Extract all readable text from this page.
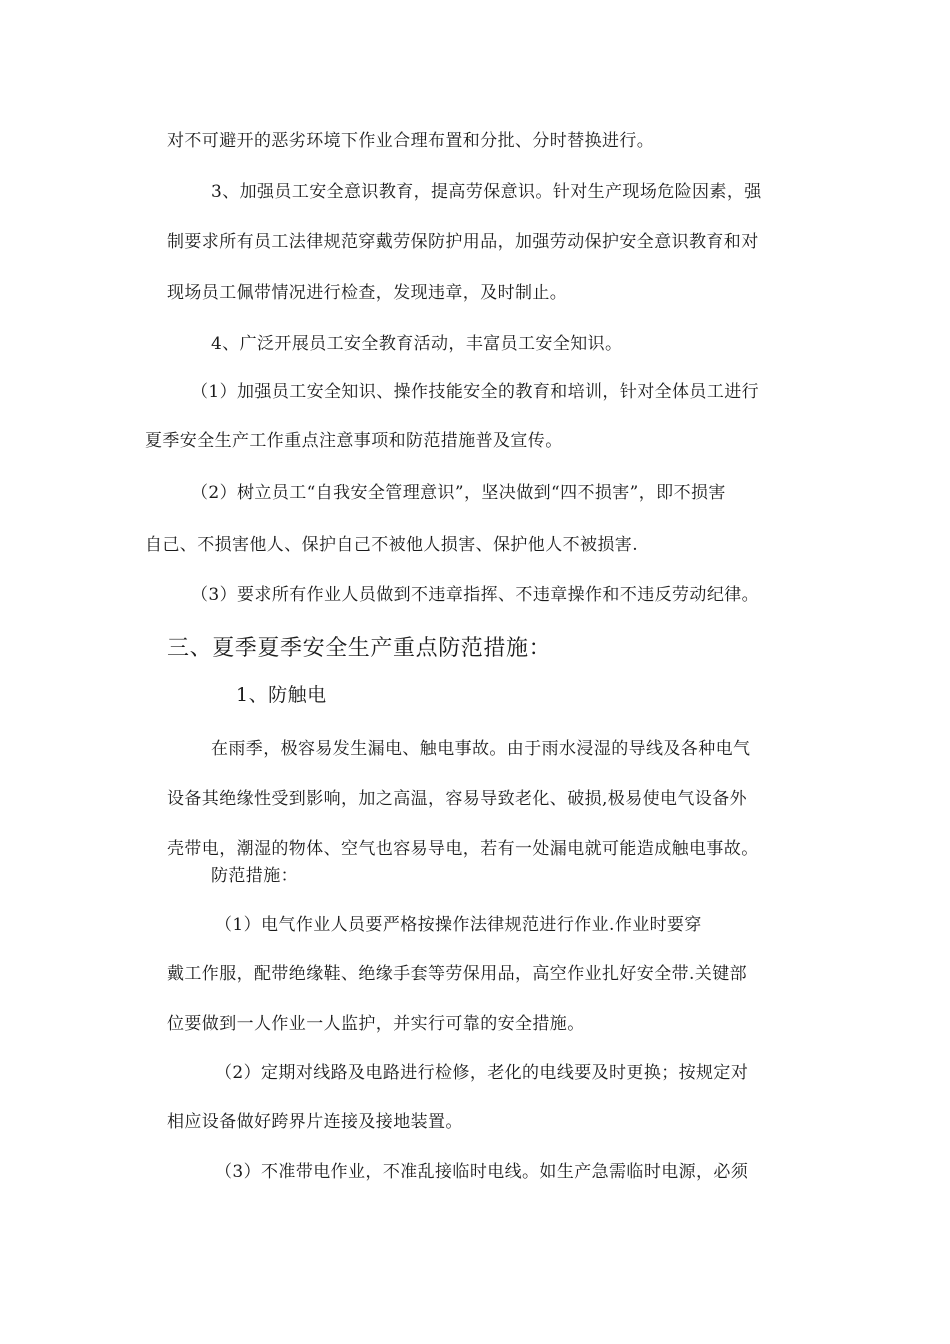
对不可避开的恶劣环境下作业合理布置和分批、分时替换进行。

3、加强员工安全意识教育，提高劳保意识。针对生产现场危险因素，强

制要求所有员工法律规范穿戴劳保防护用品，加强劳动保护安全意识教育和对

现场员工佩带情况进行检查，发现违章，及时制止。

4、广泛开展员工安全教育活动，丰富员工安全知识。

（1）加强员工安全知识、操作技能安全的教育和培训，针对全体员工进行

夏季安全生产工作重点注意事项和防范措施普及宣传。

（2）树立员工“自我安全管理意识”，坚决做到“四不损害”，即不损害

自己、不损害他人、保护自己不被他人损害、保护他人不被损害.

（3）要求所有作业人员做到不违章指挥、不违章操作和不违反劳动纪律。

三、夏季夏季安全生产重点防范措施：
1、防触电

在雨季，极容易发生漏电、触电事故。由于雨水浸湿的导线及各种电气

设备其绝缘性受到影响，加之高温，容易导致老化、破损,极易使电气设备外

壳带电，潮湿的物体、空气也容易导电，若有一处漏电就可能造成触电事故。

防范措施：

（1）电气作业人员要严格按操作法律规范进行作业.作业时要穿

戴工作服，配带绝缘鞋、绝缘手套等劳保用品，高空作业扎好安全带.关键部

位要做到一人作业一人监护，并实行可靠的安全措施。

（2）定期对线路及电路进行检修，老化的电线要及时更换；按规定对

相应设备做好跨界片连接及接地装置。

（3）不准带电作业，不准乱接临时电线。如生产急需临时电源，必须
